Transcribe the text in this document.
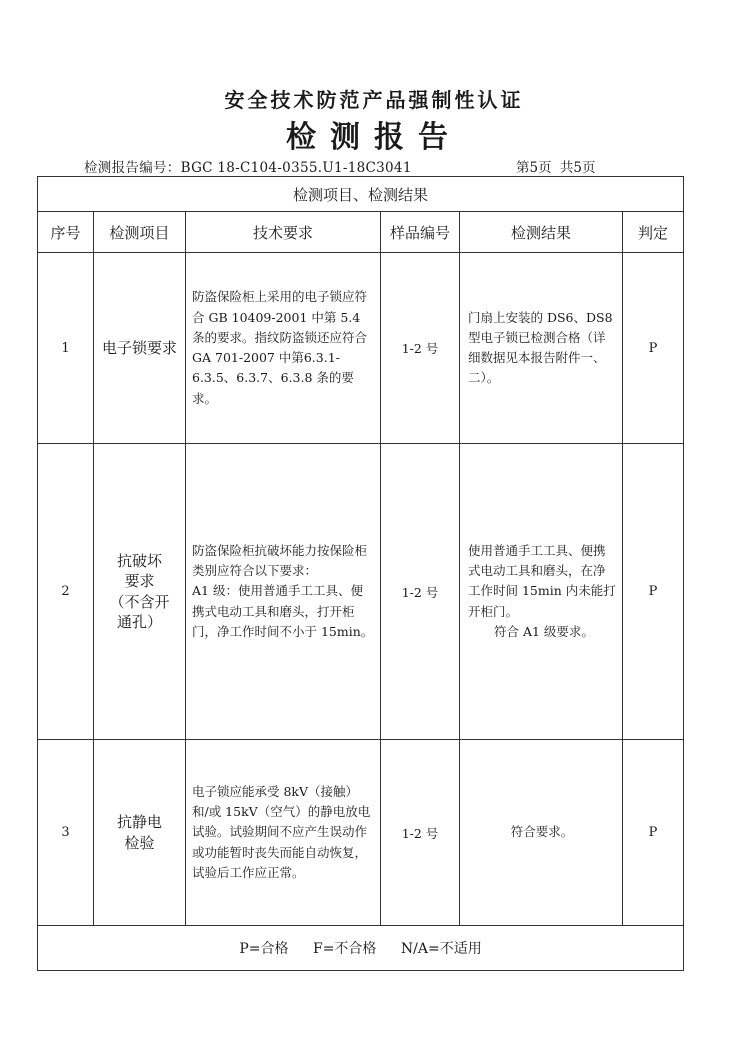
安全技术防范产品强制性认证
检测报告
检测报告编号：BGC 18-C104-0355.U1-18C3041	第5页 共5页
检测项目、检测结果					
序号	检测项目	技术要求	样品编号	检测结果	判定
1	电子锁要求	防盗保险柜上采用的电子锁应符合 GB 10409-2001 中第 5.4 条的要求。指纹防盗锁还应符合 GA 701-2007 中第6.3.1-6.3.5、6.3.7、6.3.8 条的要求。	1-2 号	门扇上安装的 DS6、DS8 型电子锁已检测合格（详细数据见本报告附件一、二）。	P
2	抗破坏
要求
（不含开
通孔）	防盗保险柜抗破坏能力按保险柜类别应符合以下要求：
A1 级：使用普通手工工具、便携式电动工具和磨头，打开柜门，净工作时间不小于 15min。	1-2 号	使用普通手工工具、便携式电动工具和磨头，在净工作时间 15min 内未能打开柜门。
符合 A1 级要求。	P
3	抗静电
检验	电子锁应能承受 8kV（接触）和/或 15kV（空气）的静电放电试验。试验期间不应产生误动作或功能暂时丧失而能自动恢复，试验后工作应正常。	1-2 号	符合要求。	P
P=合格 F=不合格 N/A=不适用					
